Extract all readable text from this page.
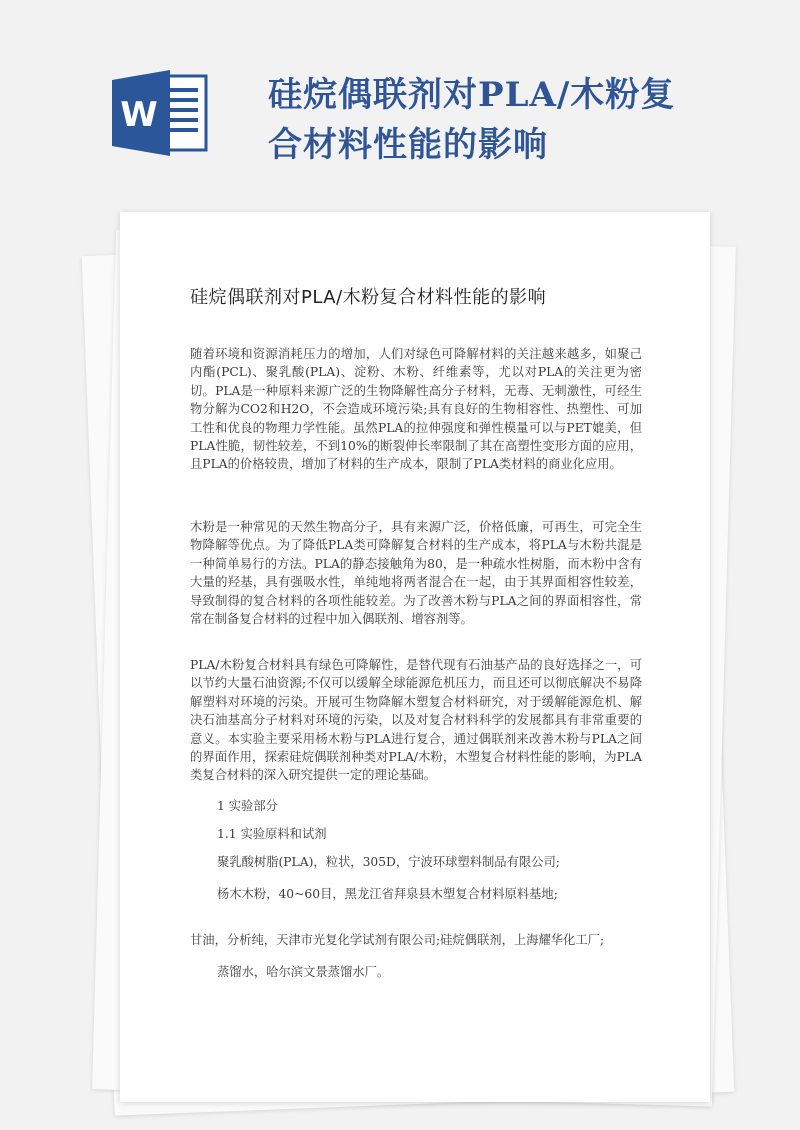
W	硅烷偶联剂对PLA/木粉复
合材料性能的影响
硅烷偶联剂对PLA/木粉复合材料性能的影响
随着环境和资源消耗压力的增加，人们对绿色可降解材料的关注越来越多，如聚己内酯(PCL)、聚乳酸(PLA)、淀粉、木粉、纤维素等，尤以对PLA的关注更为密切。PLA是一种原料来源广泛的生物降解性高分子材料，无毒、无刺激性，可经生物分解为CO2和H2O，不会造成环境污染;具有良好的生物相容性、热塑性、可加工性和优良的物理力学性能。虽然PLA的拉伸强度和弹性模量可以与PET媲美，但PLA性脆，韧性较差，不到10%的断裂伸长率限制了其在高塑性变形方面的应用，且PLA的价格较贵，增加了材料的生产成本，限制了PLA类材料的商业化应用。
木粉是一种常见的天然生物高分子，具有来源广泛，价格低廉，可再生，可完全生物降解等优点。为了降低PLA类可降解复合材料的生产成本，将PLA与木粉共混是一种简单易行的方法。PLA的静态接触角为80，是一种疏水性树脂，而木粉中含有大量的羟基，具有强吸水性，单纯地将两者混合在一起，由于其界面相容性较差，导致制得的复合材料的各项性能较差。为了改善木粉与PLA之间的界面相容性，常常在制备复合材料的过程中加入偶联剂、增容剂等。
PLA/木粉复合材料具有绿色可降解性，是替代现有石油基产品的良好选择之一，可以节约大量石油资源;不仅可以缓解全球能源危机压力，而且还可以彻底解决不易降解塑料对环境的污染。开展可生物降解木塑复合材料研究，对于缓解能源危机、解决石油基高分子材料对环境的污染，以及对复合材料科学的发展都具有非常重要的意义。本实验主要采用杨木粉与PLA进行复合，通过偶联剂来改善木粉与PLA之间的界面作用，探索硅烷偶联剂种类对PLA/木粉，木塑复合材料性能的影响，为PLA类复合材料的深入研究提供一定的理论基础。
1 实验部分
1.1 实验原料和试剂
聚乳酸树脂(PLA)，粒状，305D，宁波环球塑料制品有限公司;
杨木木粉，40~60目，黑龙江省拜泉县木塑复合材料原料基地;
甘油，分析纯，天津市光复化学试剂有限公司;硅烷偶联剂，上海耀华化工厂;
蒸馏水，哈尔滨文景蒸馏水厂。
